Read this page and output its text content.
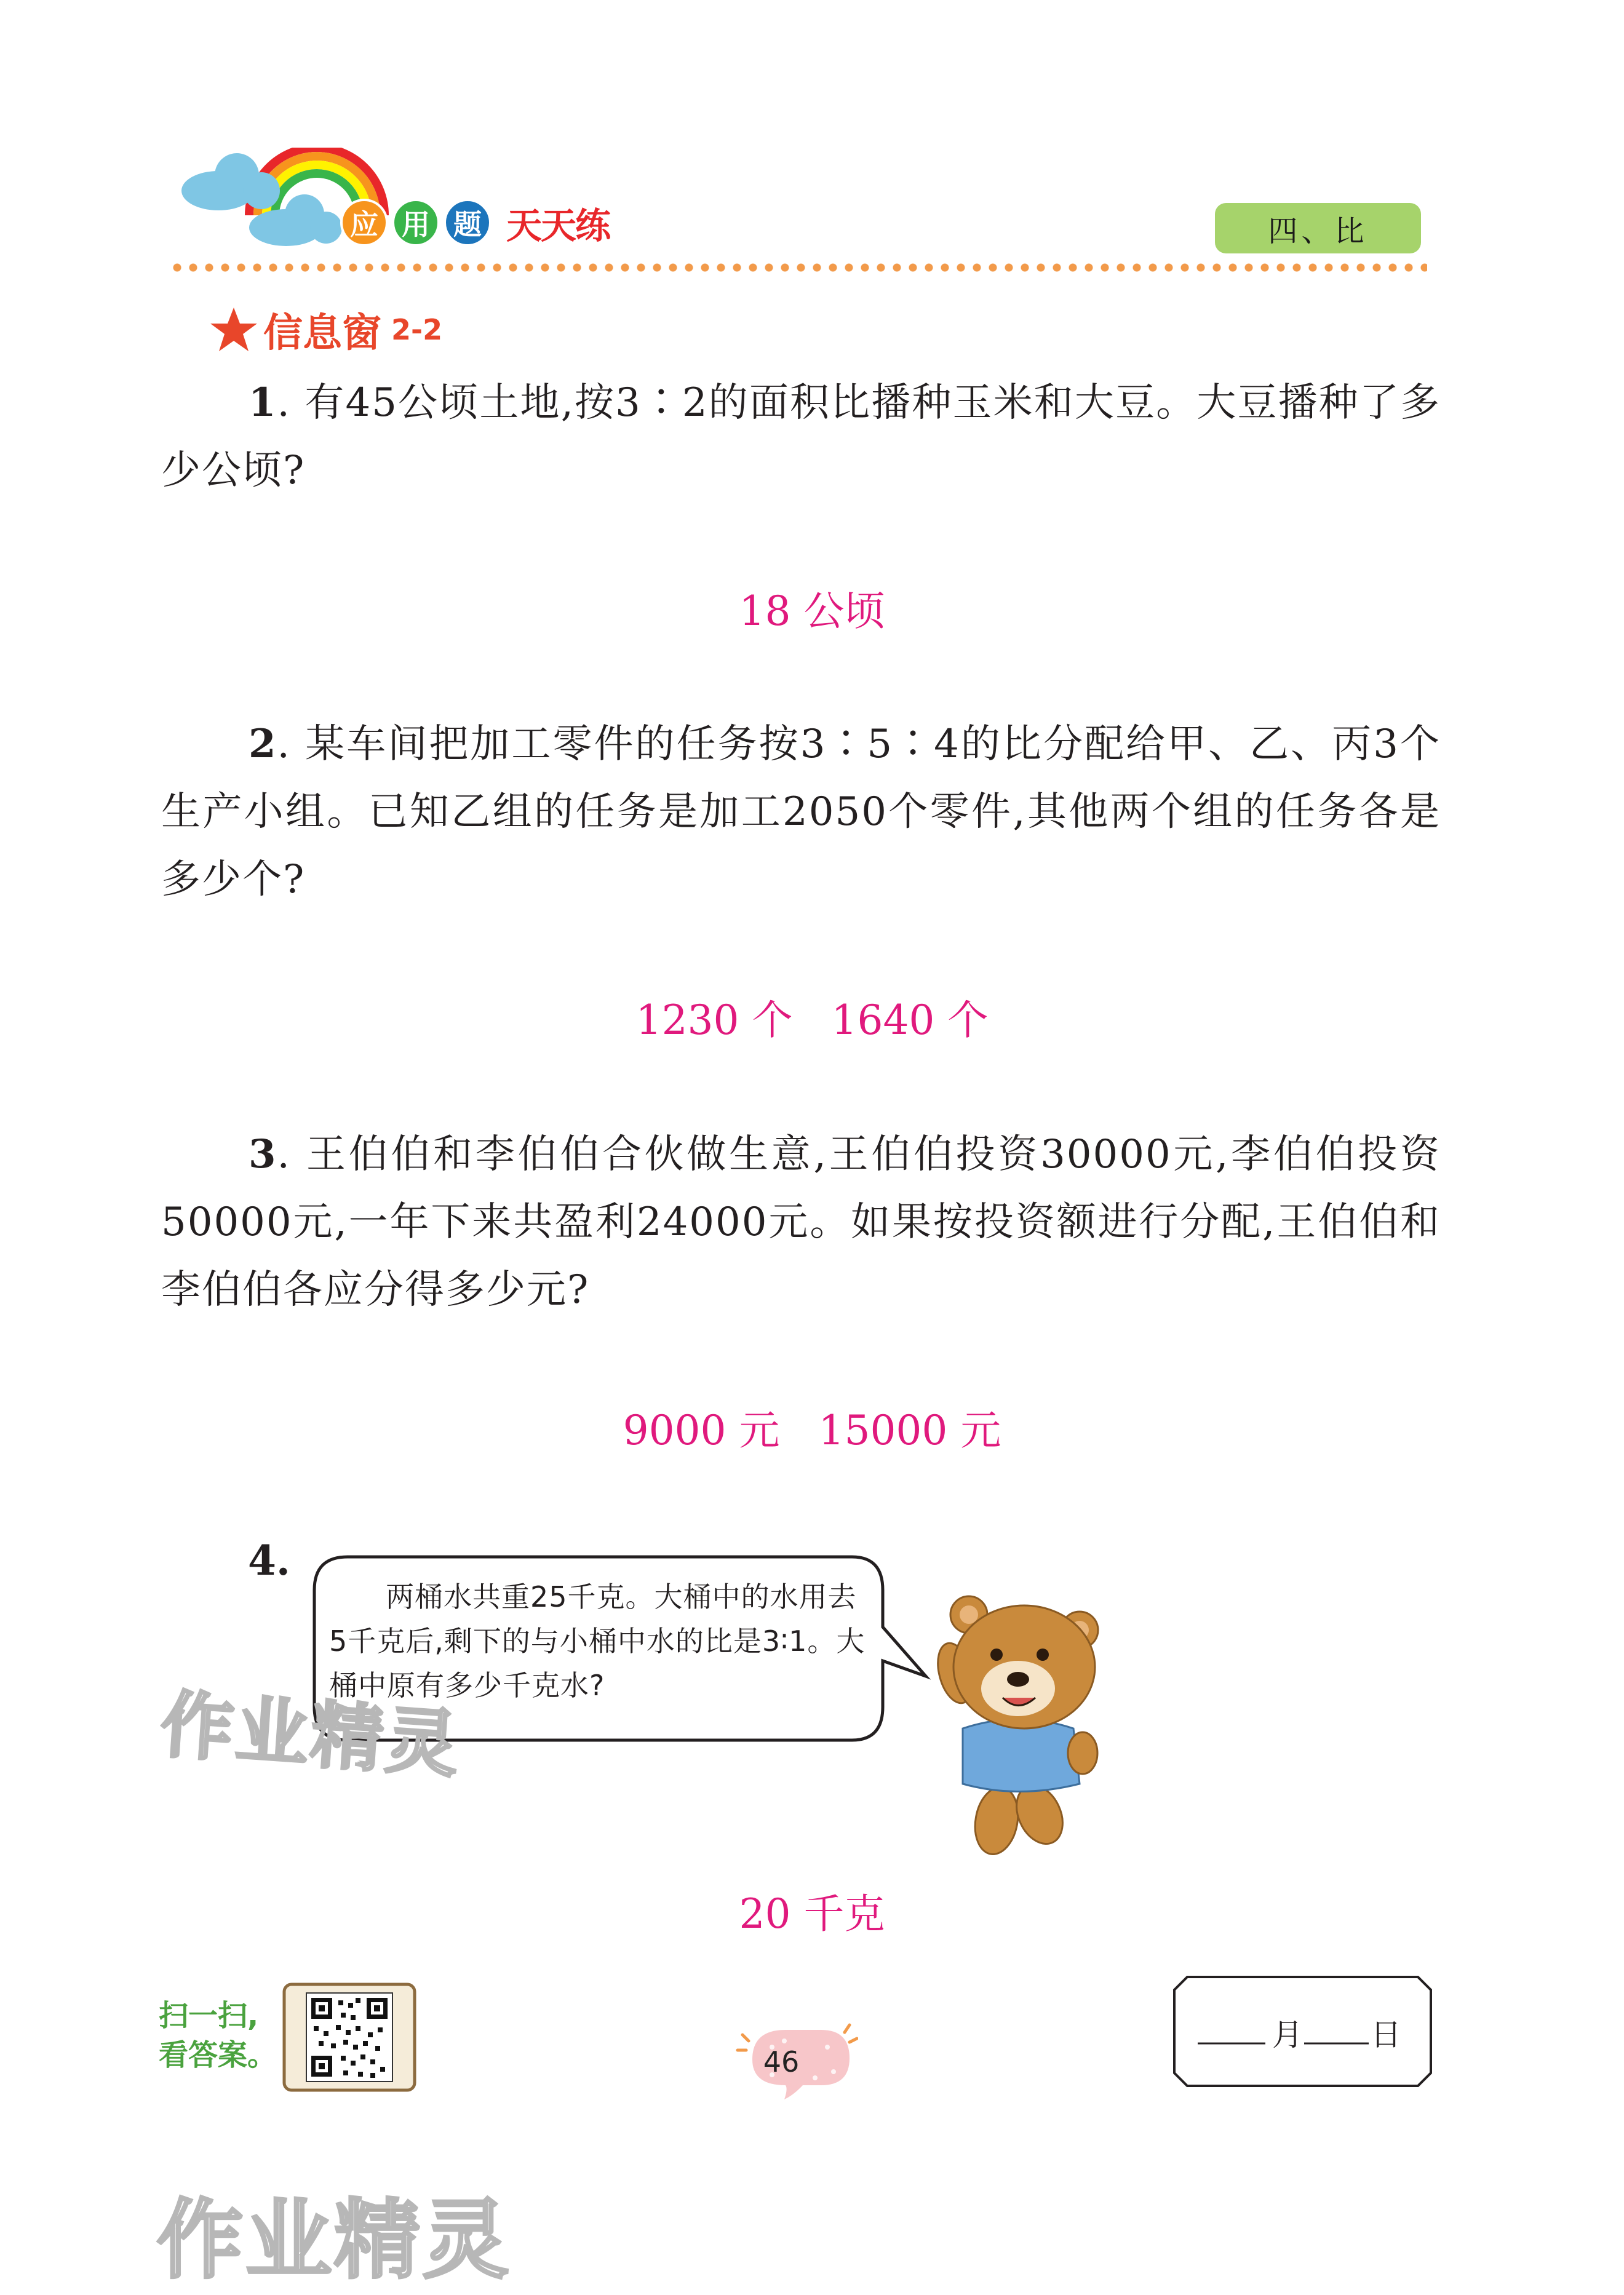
应 用 题 天天练	四、比
信息窗 2-2
1. 有45公顷土地,按3∶2的面积比播种玉米和大豆。大豆播种了多少公顷?
18 公顷
2. 某车间把加工零件的任务按3∶5∶4的比分配给甲、乙、丙3个生产小组。已知乙组的任务是加工2050个零件,其他两个组的任务各是多少个?
1230 个   1640 个
3. 王伯伯和李伯伯合伙做生意,王伯伯投资30000元,李伯伯投资50000元,一年下来共盈利24000元。如果按投资额进行分配,王伯伯和李伯伯各应分得多少元?
9000 元   15000 元
4.
两桶水共重25千克。大桶中的水用去5千克后,剩下的与小桶中水的比是3∶1。大桶中原有多少千克水?
20 千克
作业精灵
作业精灵
扫一扫,
看答案。	46
月 日
